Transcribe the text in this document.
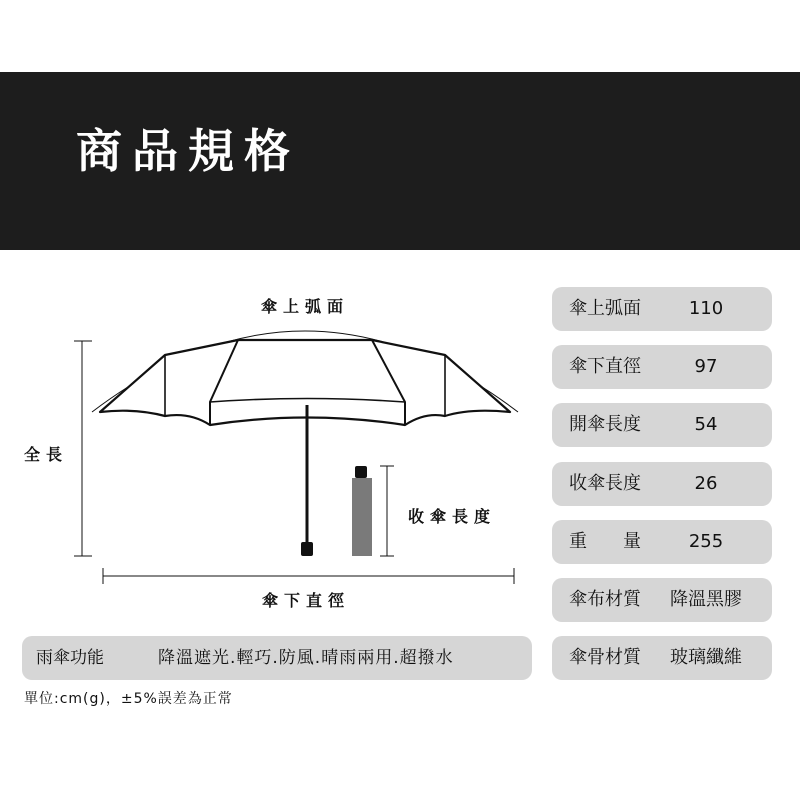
商品規格
傘上弧面
全長
收傘長度
傘下直徑
傘上弧面	110
傘下直徑	97
開傘長度	54
收傘長度	26
重　　量	255
傘布材質	降溫黑膠
傘骨材質	玻璃纖維
雨傘功能	降溫遮光.輕巧.防風.晴雨兩用.超撥水
單位:cm(g)，±5%誤差為正常
